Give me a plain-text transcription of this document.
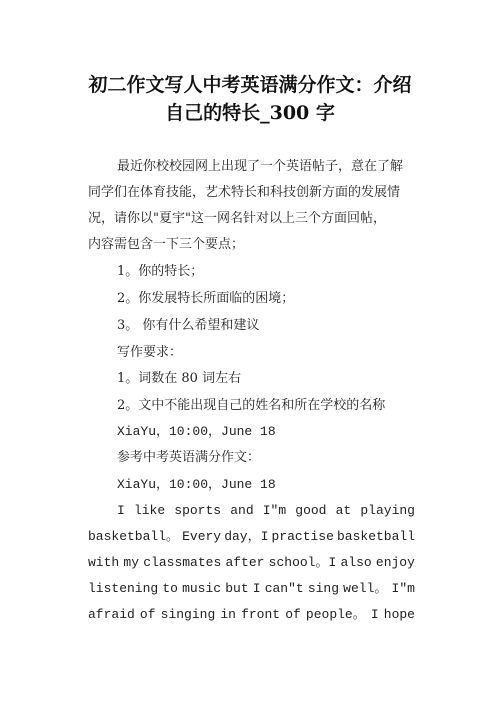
初二作文写人中考英语满分作文：介绍
自己的特长_300 字
最近你校校园网上出现了一个英语帖子，意在了解
同学们在体育技能，艺术特长和科技创新方面的发展情
况，请你以"夏宇"这一网名针对以上三个方面回帖，
内容需包含一下三个要点；
1。你的特长；
2。你发展特长所面临的困境；
3。 你有什么希望和建议
写作要求：
1。词数在 80 词左右
2。文中不能出现自己的姓名和所在学校的名称
XiaYu，10:00，June 18
参考中考英语满分作文：
XiaYu，10:00，June 18
I like sports and I"m good at playing
basketball。 Every day，I practise basketball
with my classmates after school。I also enjoy
listening to music but I can"t sing well。 I"m
afraid of singing in front of people。 I hope
